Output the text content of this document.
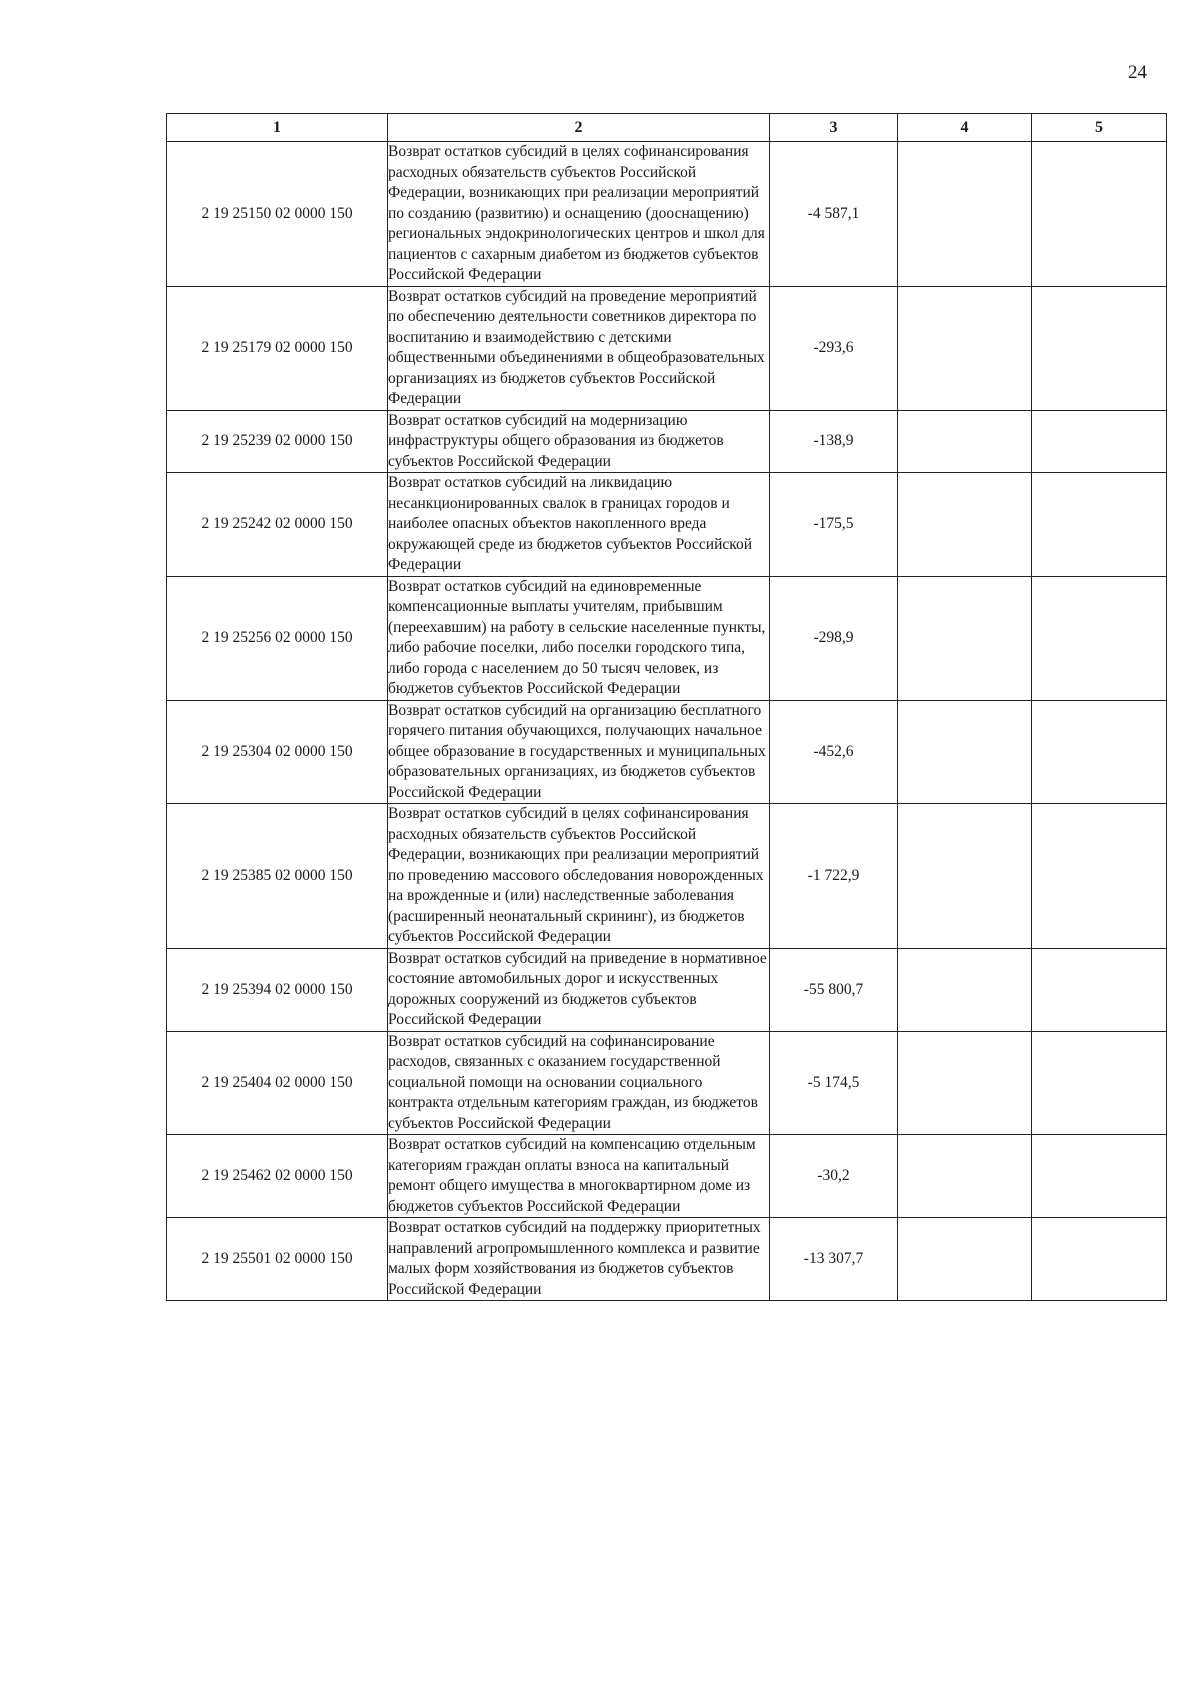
24
1	2	3	4	5
2 19 25150 02 0000 150	Возврат остатков субсидий в целях софинансирования расходных обязательств субъектов Российской Федерации, возникающих при реализации мероприятий по созданию (развитию) и оснащению (дооснащению) региональных эндокринологических центров и школ для пациентов с сахарным диабетом из бюджетов субъектов Российской Федерации	-4 587,1		
2 19 25179 02 0000 150	Возврат остатков субсидий на проведение мероприятий по обеспечению деятельности советников директора по воспитанию и взаимодействию с детскими общественными объединениями в общеобразовательных организациях из бюджетов субъектов Российской Федерации	-293,6		
2 19 25239 02 0000 150	Возврат остатков субсидий на модернизацию инфраструктуры общего образования из бюджетов субъектов Российской Федерации	-138,9		
2 19 25242 02 0000 150	Возврат остатков субсидий на ликвидацию несанкционированных свалок в границах городов и наиболее опасных объектов накопленного вреда окружающей среде из бюджетов субъектов Российской Федерации	-175,5		
2 19 25256 02 0000 150	Возврат остатков субсидий на единовременные компенсационные выплаты учителям, прибывшим (переехавшим) на работу в сельские населенные пункты, либо рабочие поселки, либо поселки городского типа, либо города с населением до 50 тысяч человек, из бюджетов субъектов Российской Федерации	-298,9		
2 19 25304 02 0000 150	Возврат остатков субсидий на организацию бесплатного горячего питания обучающихся, получающих начальное общее образование в государственных и муниципальных образовательных организациях, из бюджетов субъектов Российской Федерации	-452,6		
2 19 25385 02 0000 150	Возврат остатков субсидий в целях софинансирования расходных обязательств субъектов Российской Федерации, возникающих при реализации мероприятий по проведению массового обследования новорожденных на врожденные и (или) наследственные заболевания (расширенный неонатальный скрининг), из бюджетов субъектов Российской Федерации	-1 722,9		
2 19 25394 02 0000 150	Возврат остатков субсидий на приведение в нормативное состояние автомобильных дорог и искусственных дорожных сооружений из бюджетов субъектов Российской Федерации	-55 800,7		
2 19 25404 02 0000 150	Возврат остатков субсидий на софинансирование расходов, связанных с оказанием государственной социальной помощи на основании социального контракта отдельным категориям граждан, из бюджетов субъектов Российской Федерации	-5 174,5		
2 19 25462 02 0000 150	Возврат остатков субсидий на компенсацию отдельным категориям граждан оплаты взноса на капитальный ремонт общего имущества в многоквартирном доме из бюджетов субъектов Российской Федерации	-30,2		
2 19 25501 02 0000 150	Возврат остатков субсидий на поддержку приоритетных направлений агропромышленного комплекса и развитие малых форм хозяйствования из бюджетов субъектов Российской Федерации	-13 307,7		
